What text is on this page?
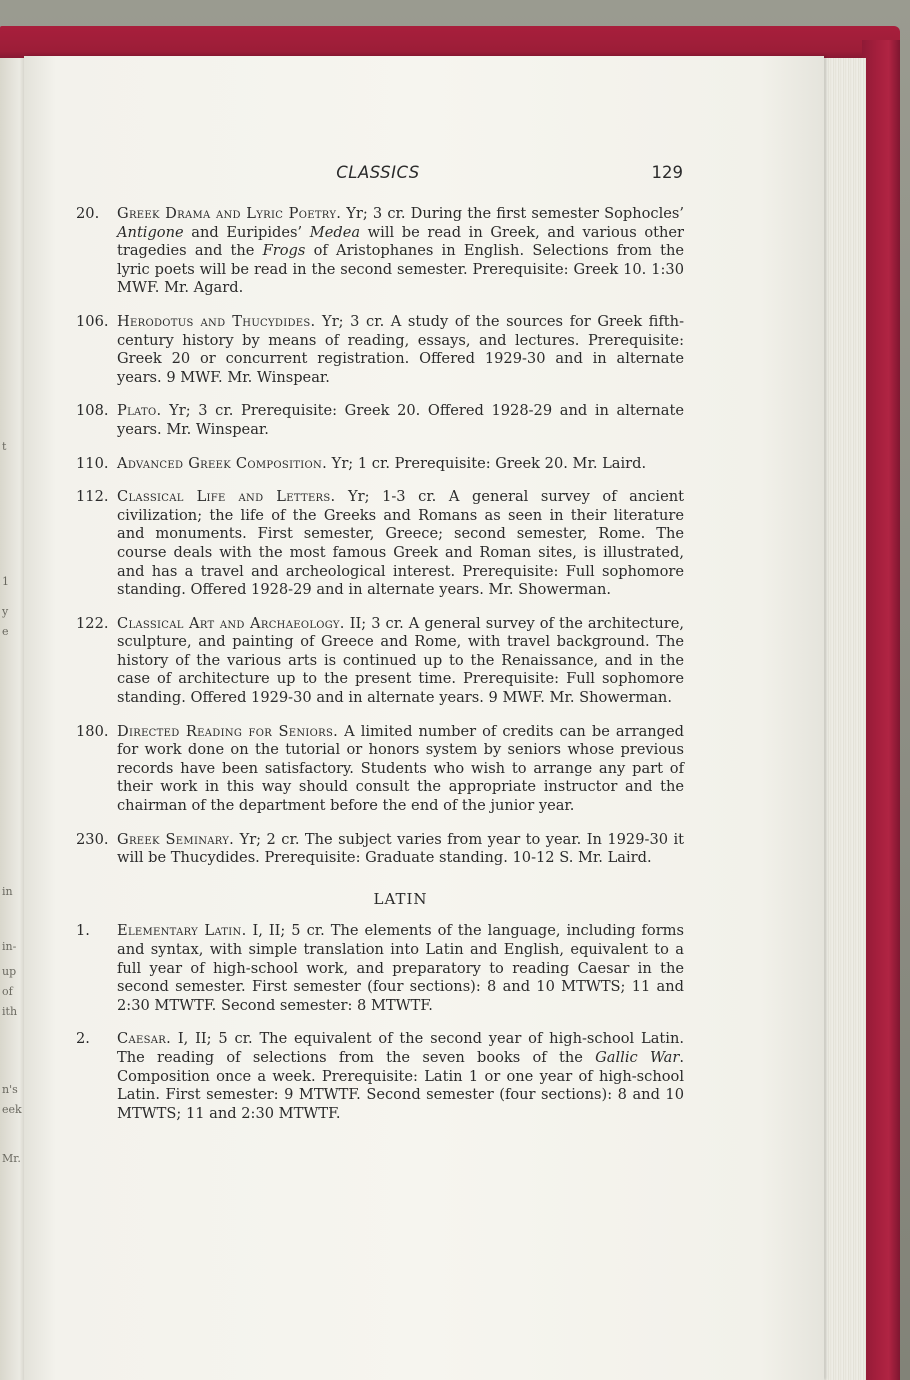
t
1
y
e
in
in-
up
of
ith
n's
eek
Mr.
CLASSICS	129
20.	Greek Drama and Lyric Poetry. Yr; 3 cr. During the first semester Sophocles’ Antigone and Euripides’ Medea will be read in Greek, and various other tragedies and the Frogs of Aristophanes in English. Selections from the lyric poets will be read in the second semester. Prerequisite: Greek 10. 1:30 MWF. Mr. Agard.
106. Herodotus and Thucydides. Yr; 3 cr. A study of the sources for Greek fifth-century history by means of reading, essays, and lectures. Prerequisite: Greek 20 or concurrent registration. Offered 1929-30 and in alternate years. 9 MWF. Mr. Winspear.
108. Plato. Yr; 3 cr. Prerequisite: Greek 20. Offered 1928-29 and in alternate years. Mr. Winspear.
110. Advanced Greek Composition. Yr; 1 cr. Prerequisite: Greek 20. Mr. Laird.
112. Classical Life and Letters. Yr; 1-3 cr. A general survey of ancient civilization; the life of the Greeks and Romans as seen in their literature and monuments. First semester, Greece; second semester, Rome. The course deals with the most famous Greek and Roman sites, is illustrated, and has a travel and archeological interest. Prerequisite: Full sophomore standing. Offered 1928-29 and in alternate years. Mr. Showerman.
122. Classical Art and Archaeology. II; 3 cr. A general survey of the architecture, sculpture, and painting of Greece and Rome, with travel background. The history of the various arts is continued up to the Renaissance, and in the case of architecture up to the present time. Prerequisite: Full sophomore standing. Offered 1929-30 and in alternate years. 9 MWF. Mr. Showerman.
180. Directed Reading for Seniors. A limited number of credits can be arranged for work done on the tutorial or honors system by seniors whose previous records have been satisfactory. Students who wish to arrange any part of their work in this way should consult the appropriate instructor and the chairman of the department before the end of the junior year.
230. Greek Seminary. Yr; 2 cr. The subject varies from year to year. In 1929-30 it will be Thucydides. Prerequisite: Graduate standing. 10-12 S. Mr. Laird.
LATIN
1.	Elementary Latin. I, II; 5 cr. The elements of the language, including forms and syntax, with simple translation into Latin and English, equivalent to a full year of high-school work, and preparatory to reading Caesar in the second semester. First semester (four sections): 8 and 10 MTWTS; 11 and 2:30 MTWTF. Second semester: 8 MTWTF.
2.	Caesar. I, II; 5 cr. The equivalent of the second year of high-school Latin. The reading of selections from the seven books of the Gallic War. Composition once a week. Prerequisite: Latin 1 or one year of high-school Latin. First semester: 9 MTWTF. Second semester (four sections): 8 and 10 MTWTS; 11 and 2:30 MTWTF.
